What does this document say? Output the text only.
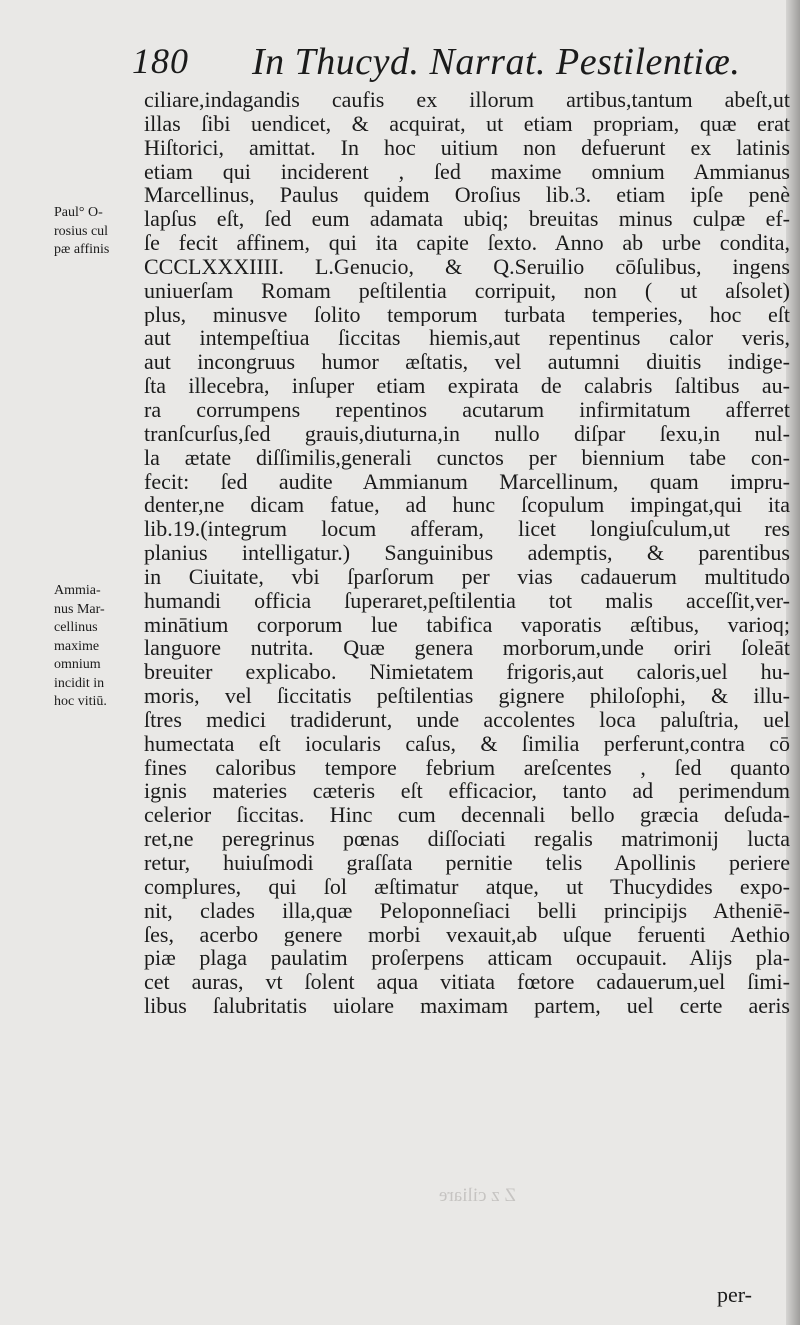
180 In Thucyd. Narrat. Pestilentiæ.
Paul° O-
rosius cul
pæ affinis
Ammia-
nus Mar-
cellinus
maxime
omnium
incidit in
hoc vitiū.
ciliare,indagandis caufis ex illorum artibus,tantum abeſt,ut
illas ſibi uendicet, & acquirat, ut etiam propriam, quæ erat
Hiſtorici, amittat. In hoc uitium non defuerunt ex latinis
etiam qui inciderent , ſed maxime omnium Ammianus
Marcellinus, Paulus quidem Oroſius lib.3. etiam ipſe penè
lapſus eſt, ſed eum adamata ubiq; breuitas minus culpæ ef-
ſe fecit affinem, qui ita capite ſexto. Anno ab urbe condita,
CCCLXXXIIII. L.Genucio, & Q.Seruilio cōſulibus, ingens
uniuerſam Romam peſtilentia corripuit, non ( ut aſsolet)
plus, minusve ſolito temporum turbata temperies, hoc eſt
aut intempeſtiua ſiccitas hiemis,aut repentinus calor veris,
aut incongruus humor æſtatis, vel autumni diuitis indige-
ſta illecebra, inſuper etiam expirata de calabris ſaltibus au-
ra corrumpens repentinos acutarum infirmitatum afferret
tranſcurſus,ſed grauis,diuturna,in nullo diſpar ſexu,in nul-
la ætate diſſimilis,generali cunctos per biennium tabe con-
fecit: ſed audite Ammianum Marcellinum, quam impru-
denter,ne dicam fatue, ad hunc ſcopulum impingat,qui ita
lib.19.(integrum locum afferam, licet longiuſculum,ut res
planius intelligatur.) Sanguinibus ademptis, & parentibus
in Ciuitate, vbi ſparſorum per vias cadauerum multitudo
humandi officia ſuperaret,peſtilentia tot malis acceſſit,ver-
minātium corporum lue tabifica vaporatis æſtibus, varioq;
languore nutrita. Quæ genera morborum,unde oriri ſoleāt
breuiter explicabo. Nimietatem frigoris,aut caloris,uel hu-
moris, vel ſiccitatis peſtilentias gignere philoſophi, & illu-
ſtres medici tradiderunt, unde accolentes loca paluſtria, uel
humectata eſt iocularis caſus, & ſimilia perferunt,contra cō
fines caloribus tempore febrium areſcentes , ſed quanto
ignis materies cæteris eſt efficacior, tanto ad perimendum
celerior ſiccitas. Hinc cum decennali bello græcia deſuda-
ret,ne peregrinus pœnas diſſociati regalis matrimonij lucta
retur, huiuſmodi graſſata pernitie telis Apollinis periere
complures, qui ſol æſtimatur atque, ut Thucydides expo-
nit, clades illa,quæ Peloponneſiaci belli principijs Atheniē-
ſes, acerbo genere morbi vexauit,ab uſque feruenti Aethio
piæ plaga paulatim proſerpens atticam occupauit. Alijs pla-
cet auras, vt ſolent aqua vitiata fœtore cadauerum,uel ſimi-
libus ſalubritatis uiolare maximam partem, uel certe aeris
Z z ciliare
per-
